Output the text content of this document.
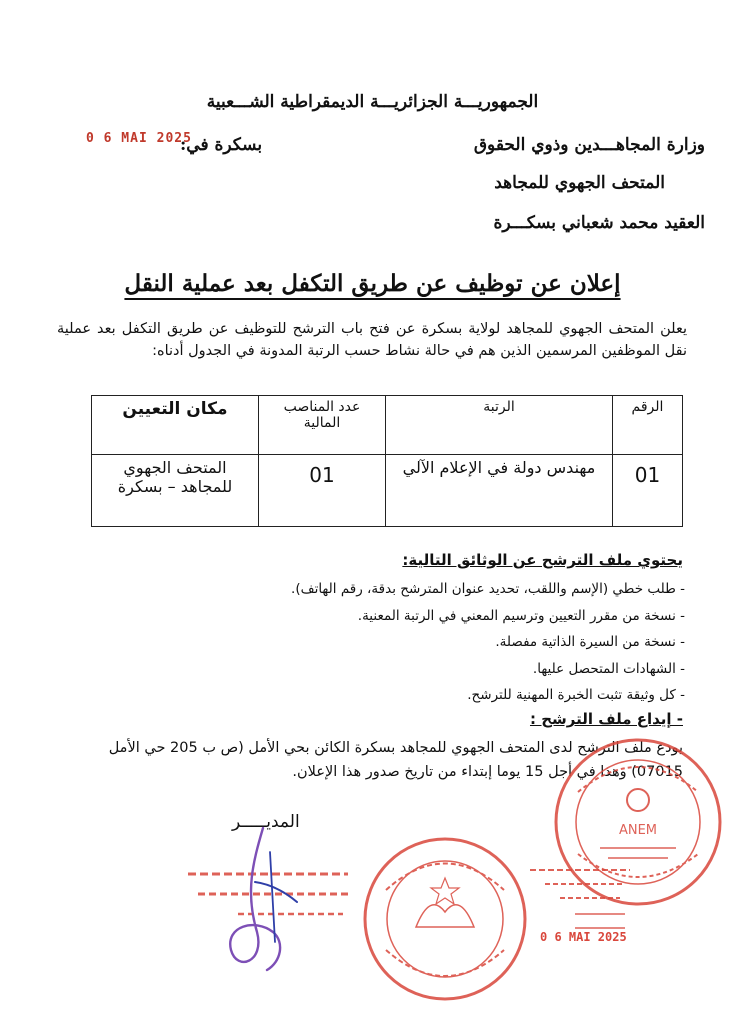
الجمهوريـــة الجزائريـــة الديمقراطية الشـــعبية
وزارة المجاهـــدين وذوي الحقوق
المتحف الجهوي للمجاهد
العقيد محمد شعباني بسكـــرة
بسكرة في:
0 6 MAI 2025
إعلان عن توظيف عن طريق التكفل بعد عملية النقل
يعلن المتحف الجهوي للمجاهد لولاية بسكرة عن فتح باب الترشح للتوظيف عن طريق التكفل بعد عملية نقل الموظفين المرسمين الذين هم في حالة نشاط حسب الرتبة المدونة في الجدول أدناه:
الرقم	الرتبة	عدد المناصب المالية	مكان التعيين
01	مهندس دولة في الإعلام الآلي	01	المتحف الجهوي للمجاهد – بسكرة
يحتوي ملف الترشح عن الوثائق التالية:
- طلب خطي (الإسم واللقب، تحديد عنوان المترشح بدقة، رقم الهاتف).
- نسخة من مقرر التعيين وترسيم المعني في الرتبة المعنية.
- نسخة من السيرة الذاتية مفصلة.
- الشهادات المتحصل عليها.
- كل وثيقة تثبت الخبرة المهنية للترشح.
- إيداع ملف الترشح :
يودع ملف الترشح لدى المتحف الجهوي للمجاهد بسكرة الكائن بحي الأمل (ص ب 205 حي الأمل 07015) وهذا في أجل 15 يوما إبتداء من تاريخ صدور هذا الإعلان.
المديـــــر	ANEM
0 6 MAI 2025
